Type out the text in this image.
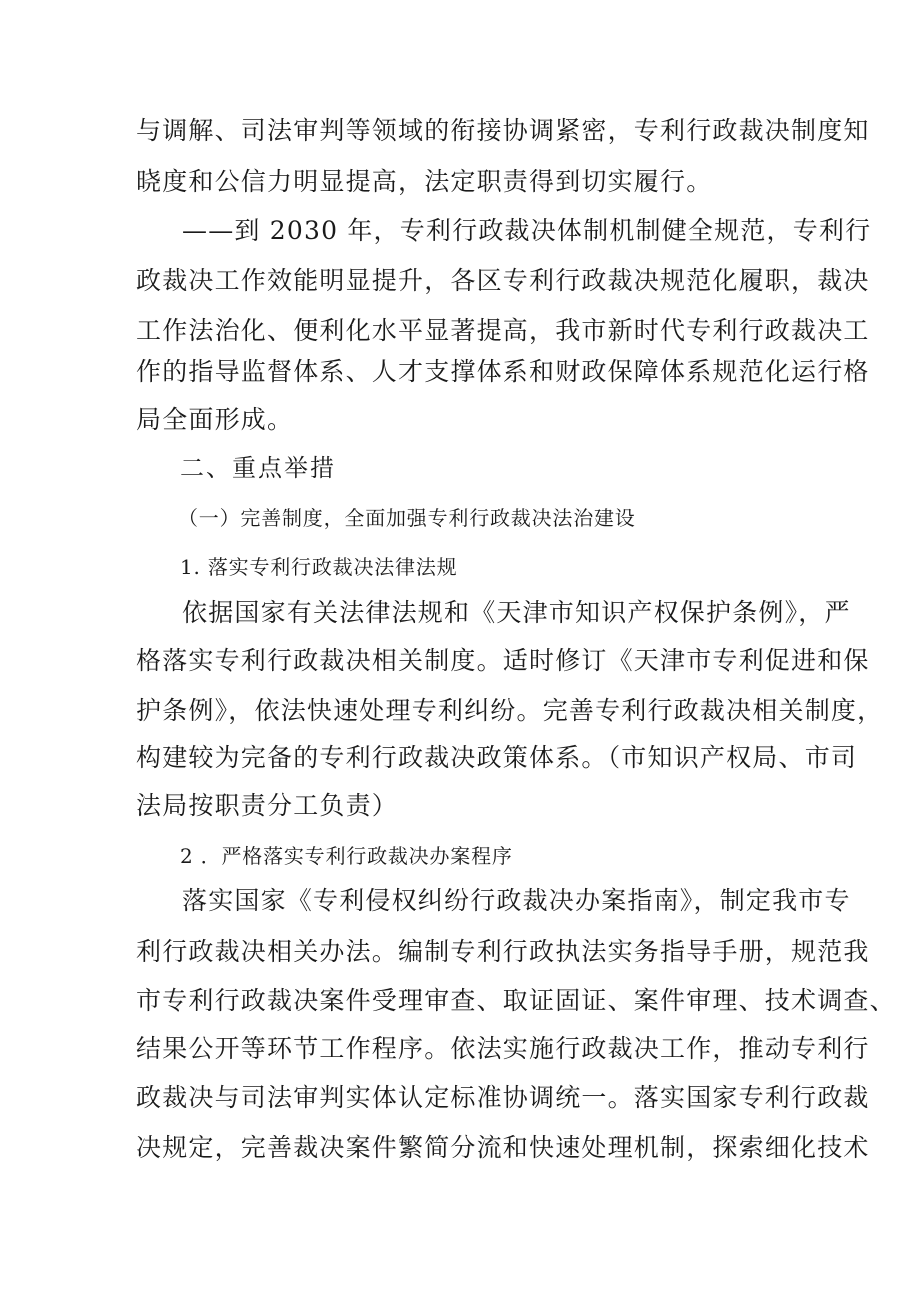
与调解、司法审判等领域的衔接协调紧密，专利行政裁决制度知
晓度和公信力明显提高，法定职责得到切实履行。
——到 2030 年，专利行政裁决体制机制健全规范，专利行
政裁决工作效能明显提升，各区专利行政裁决规范化履职，裁决
工作法治化、便利化水平显著提高，我市新时代专利行政裁决工
作的指导监督体系、人才支撑体系和财政保障体系规范化运行格
局全面形成。
二、重点举措
（一）完善制度，全面加强专利行政裁决法治建设
1. 落实专利行政裁决法律法规
依据国家有关法律法规和《天津市知识产权保护条例》，严
格落实专利行政裁决相关制度。适时修订《天津市专利促进和保
护条例》，依法快速处理专利纠纷。完善专利行政裁决相关制度，
构建较为完备的专利行政裁决政策体系。（市知识产权局、市司
法局按职责分工负责）
2 ．严格落实专利行政裁决办案程序
落实国家《专利侵权纠纷行政裁决办案指南》，制定我市专
利行政裁决相关办法。编制专利行政执法实务指导手册，规范我
市专利行政裁决案件受理审查、取证固证、案件审理、技术调查、
结果公开等环节工作程序。依法实施行政裁决工作，推动专利行
政裁决与司法审判实体认定标准协调统一。落实国家专利行政裁
决规定，完善裁决案件繁简分流和快速处理机制，探索细化技术
